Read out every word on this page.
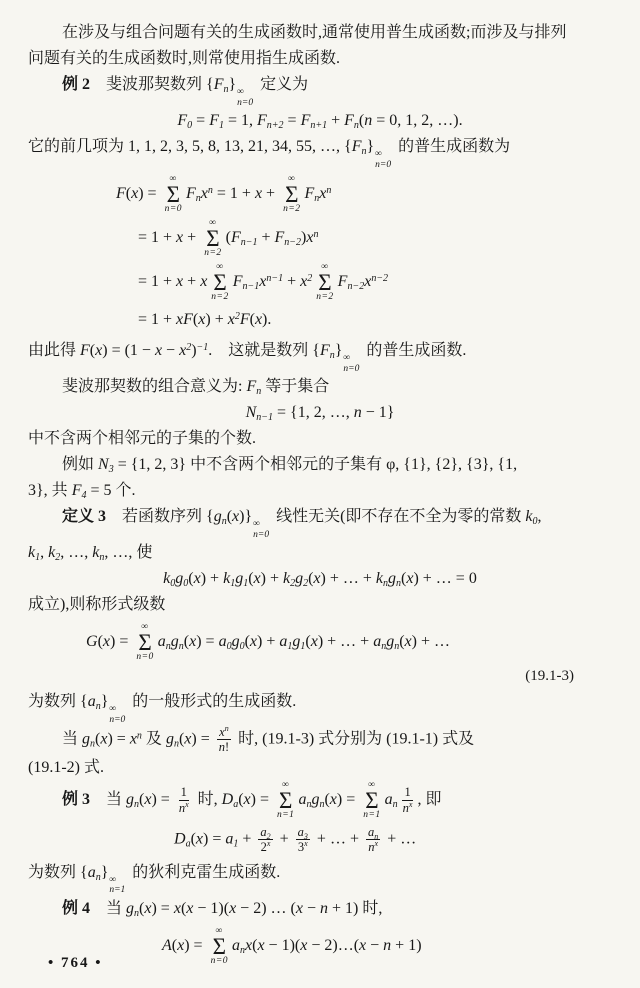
在涉及与组合问题有关的生成函数时,通常使用普生成函数;而涉及与排列
问题有关的生成函数时,则常使用指生成函数.
例 2　斐波那契数列 $\{F_n\}$ ∞
n=0
定义为
$F_0 = F_1 = 1$, $F_{n+2} = F_{n+1} + F_n(n = 0$, 1, 2, …).
它的前几项为 1, 1, 2, 3, 5, 8, 13, 21, 34, 55, …, $\{F_n\}$ ∞
n=0
的普生成函数为
F(x) =
∞
Σ
n=0
$F_nx^n = 1 + x$ +
∞
Σ
n=2
$F_nx^n$
= 1 + x +
∞
Σ
n=2
$(F_{n-1} + F_{n-2})x^n$
= 1 + x + x
∞
Σ
n=2
$F_{n-1}x^{n-1} + x^2$
∞
Σ
n=2
$F_{n-2}x^{n-2}$
= $1 + xF(x) + x^2F(x)$.
由此得 $F(x) = (1 - x - x^2)^{-1}$.　这就是数列 $\{F_n\}$ ∞
n=0
的普生成函数.
斐波那契数的组合意义为: $F_n$ 等于集合
$N_{n-1} = \{1$, 2, …, n − 1}
中不含两个相邻元的子集的个数.
例如 $N_3 = \{1$, 2, 3} 中不含两个相邻元的子集有 φ, {1}, {2}, {3}, {1,
3}, 共 $F_4 = 5$ 个.
定义 3　若函数序列 $\{g_n(x)\}$ ∞
n=0
线性无关(即不存在不全为零的常数 $k_0$,
$k_1$, $k_2$, …, $k_n$, …, 使
$k_0g_0(x) + k_1g_1(x) + k_2g_2(x)$ + … + $k_ng_n(x)$ + … = 0
成立),则称形式级数
G(x) =
∞
Σ
n=0
$a_ng_n(x) = a_0g_0(x) + a_1g_1(x)$ + … + $a_ng_n(x)$ + …
(19.1-3)
为数列 $\{a_n\}$ ∞
n=0
的一般形式的生成函数.
当 $g_n(x) = x^n$ 及 $g_n(x) = \frac{x^n}{n!}$ 时, (19.1-3) 式分别为 (19.1-1) 式及
(19.1-2) 式.
例 3　当 $g_n(x) = \frac{1}{n^x}$ 时, $D_a(x)$ =
∞
Σ
n=1
$a_ng_n(x)$ =
∞
Σ
n=1
$a_n \frac{1}{n^x}$ , 即
$D_a(x) = a_1 + \frac{a_2}{2^x} + \frac{a_3}{3^x}$ + … + $\frac{a_n}{n^x}$ + …
为数列 $\{a_n\}$ ∞
n=1
的狄利克雷生成函数.
例 4　当 $g_n(x) = x(x - 1)(x - 2)$ … (x − n + 1) 时,
A(x) =
∞
Σ
n=0
$a_nx(x - 1)(x$ − 2)…(x − n + 1)
• 764 •
